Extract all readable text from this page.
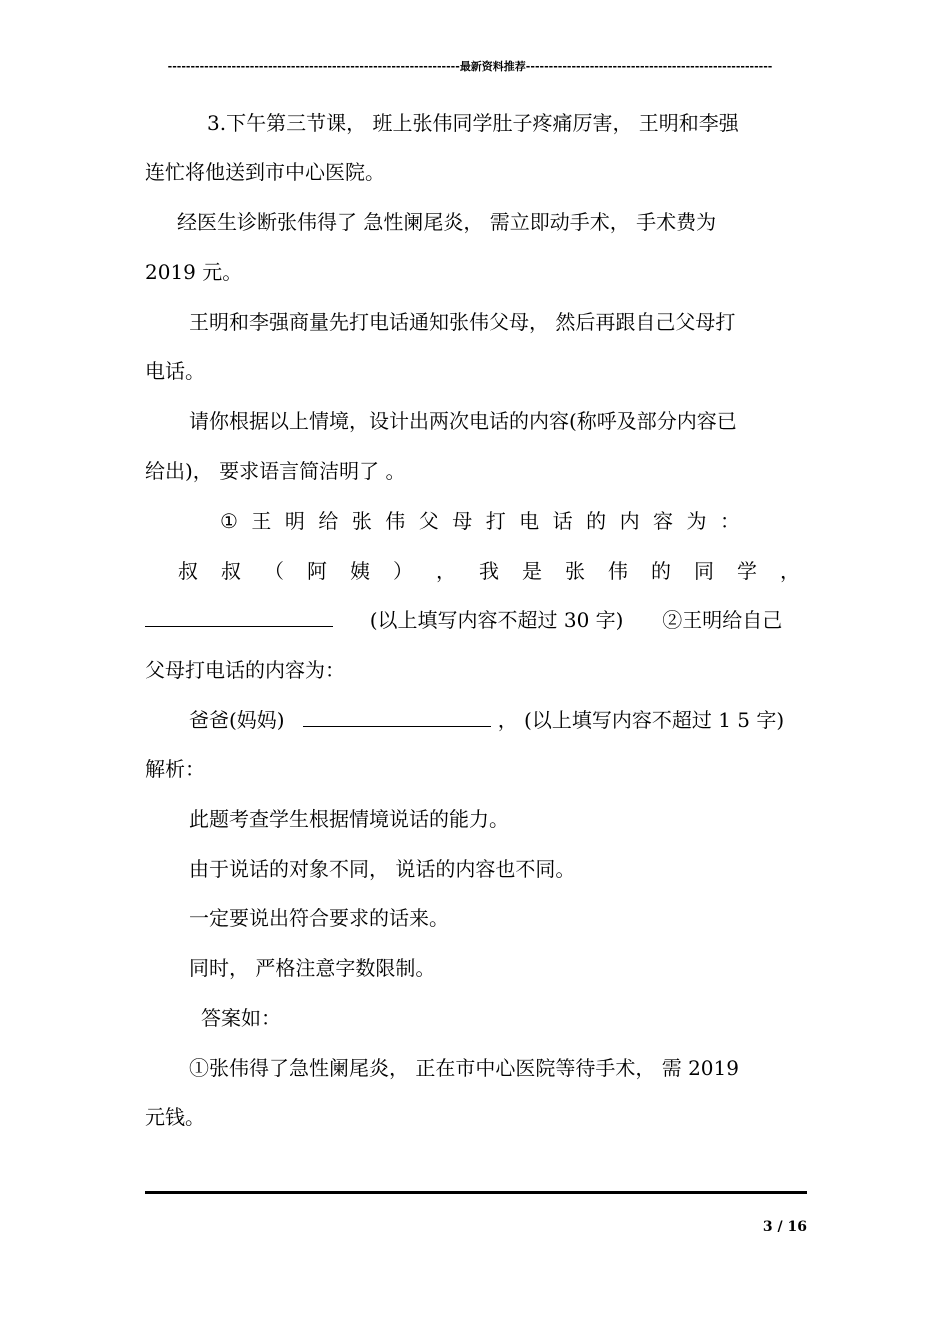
----------------------------------------------------------------最新资料推荐------------------------------------------------------
3.下午第三节课， 班上张伟同学肚子疼痛厉害， 王明和李强
连忙将他送到市中心医院。
经医生诊断张伟得了 急性阑尾炎， 需立即动手术， 手术费为
2019 元。
王明和李强商量先打电话通知张伟父母， 然后再跟自己父母打
电话。
请你根据以上情境，设计出两次电话的内容(称呼及部分内容已
给出)， 要求语言简洁明了 。
① 王 明 给 张 伟 父 母 打 电 话 的 内 容 为 ：
叔 叔 （ 阿 姨 ） ， 我 是 张 伟 的 同 学 ，
(以上填写内容不超过 30 字) ②王明给自己
父母打电话的内容为：
爸爸(妈妈)	， (以上填写内容不超过 1 5 字)
解析：
此题考查学生根据情境说话的能力。
由于说话的对象不同， 说话的内容也不同。
一定要说出符合要求的话来。
同时， 严格注意字数限制。
答案如：
①张伟得了急性阑尾炎， 正在市中心医院等待手术， 需 2019
元钱。
3 / 16
